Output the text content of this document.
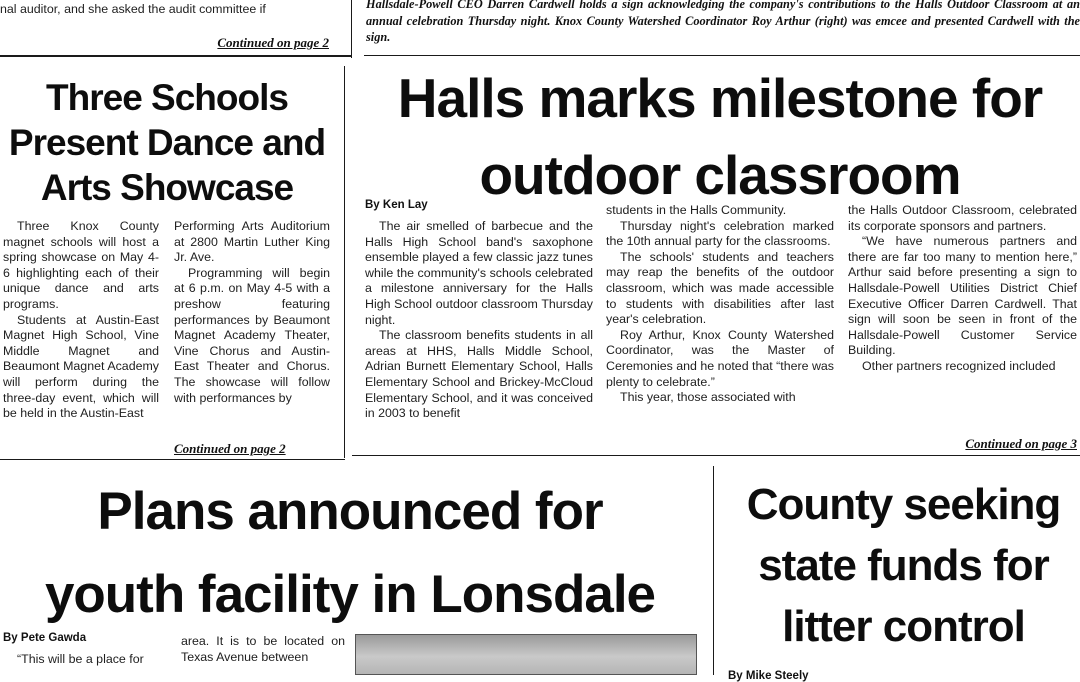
nal auditor, and she asked the audit committee if
Continued on page 2
Hallsdale-Powell CEO Darren Cardwell holds a sign acknowledging the company's contributions to the Halls Outdoor Classroom at an annual celebration Thursday night. Knox County Watershed Coordinator Roy Arthur (right) was emcee and presented Cardwell with the sign.
Three Schools
Present Dance and
Arts Showcase

Three Knox County magnet schools will host a spring showcase on May 4-6 highlighting each of their unique dance and arts programs.

Students at Austin-East Magnet High School, Vine Middle Magnet and Beaumont Magnet Academy will perform during the three-day event, which will be held in the Austin-East

Performing Arts Auditorium at 2800 Martin Luther King Jr. Ave.

Programming will begin at 6 p.m. on May 4-5 with a preshow featuring performances by Beaumont Magnet Academy Theater, Vine Chorus and Austin-East Theater and Chorus. The showcase will follow with performances by

Continued on page 2
Halls marks milestone for
outdoor classroom
By Ken Lay

The air smelled of barbecue and the Halls High School band's saxophone ensemble played a few classic jazz tunes while the community's schools celebrated a milestone anniversary for the Halls High School outdoor classroom Thursday night.

The classroom benefits students in all areas at HHS, Halls Middle School, Adrian Burnett Elementary School, Halls Elementary School and Brickey-McCloud Elementary School, and it was conceived in 2003 to benefit

students in the Halls Community.

Thursday night's celebration marked the 10th annual party for the classrooms.

The schools' students and teachers may reap the benefits of the outdoor classroom, which was made accessible to students with disabilities after last year's celebration.

Roy Arthur, Knox County Watershed Coordinator, was the Master of Ceremonies and he noted that “there was plenty to celebrate.”

This year, those associated with

the Halls Outdoor Classroom, celebrated its corporate sponsors and partners.

“We have numerous partners and there are far too many to mention here,” Arthur said before presenting a sign to Hallsdale-Powell Utilities District Chief Executive Officer Darren Cardwell. That sign will soon be seen in front of the Hallsdale-Powell Customer Service Building.

Other partners recognized included

Continued on page 3
Plans announced for
youth facility in Lonsdale
By Pete Gawda

“This will be a place for

area. It is to be located on Texas Avenue between

County seeking
state funds for
litter control
By Mike Steely
